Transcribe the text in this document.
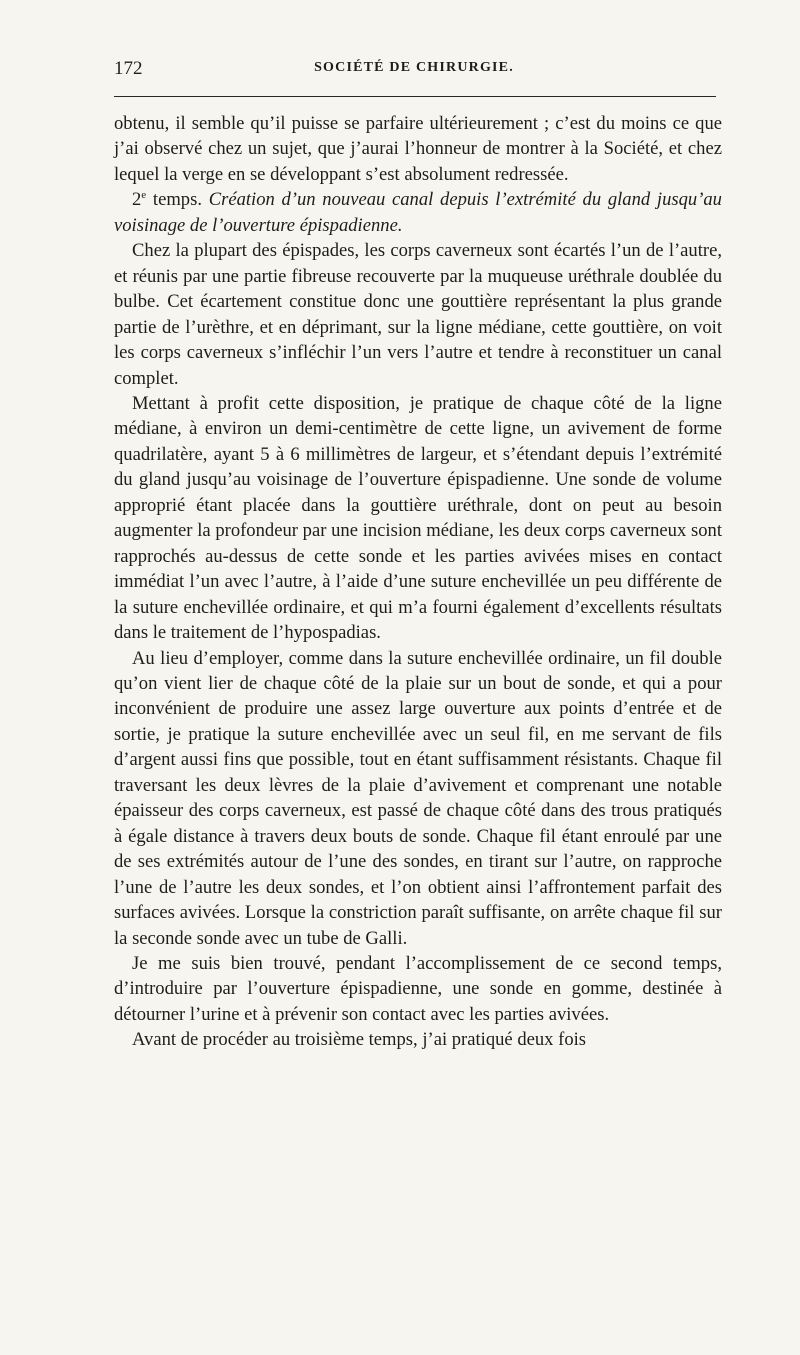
172	SOCIÉTÉ DE CHIRURGIE.

obtenu, il semble qu’il puisse se parfaire ultérieurement ; c’est du moins ce que j’ai observé chez un sujet, que j’aurai l’honneur de montrer à la Société, et chez lequel la verge en se développant s’est absolument redressée.

2e temps. Création d’un nouveau canal depuis l’extrémité du gland jusqu’au voisinage de l’ouverture épispadienne.

Chez la plupart des épispades, les corps caverneux sont écartés l’un de l’autre, et réunis par une partie fibreuse recouverte par la muqueuse uréthrale doublée du bulbe. Cet écartement constitue donc une gouttière représentant la plus grande partie de l’urèthre, et en déprimant, sur la ligne médiane, cette gouttière, on voit les corps caverneux s’infléchir l’un vers l’autre et tendre à reconstituer un canal complet.

Mettant à profit cette disposition, je pratique de chaque côté de la ligne médiane, à environ un demi-centimètre de cette ligne, un avivement de forme quadrilatère, ayant 5 à 6 millimètres de largeur, et s’étendant depuis l’extrémité du gland jusqu’au voisinage de l’ouverture épispadienne. Une sonde de volume approprié étant placée dans la gouttière uréthrale, dont on peut au besoin augmenter la profondeur par une incision médiane, les deux corps caverneux sont rapprochés au-dessus de cette sonde et les parties avivées mises en contact immédiat l’un avec l’autre, à l’aide d’une suture enchevillée un peu différente de la suture enchevillée ordinaire, et qui m’a fourni également d’excellents résultats dans le traitement de l’hypospadias.

Au lieu d’employer, comme dans la suture enchevillée ordinaire, un fil double qu’on vient lier de chaque côté de la plaie sur un bout de sonde, et qui a pour inconvénient de produire une assez large ouverture aux points d’entrée et de sortie, je pratique la suture enchevillée avec un seul fil, en me servant de fils d’argent aussi fins que possible, tout en étant suffisamment résistants. Chaque fil traversant les deux lèvres de la plaie d’avivement et comprenant une notable épaisseur des corps caverneux, est passé de chaque côté dans des trous pratiqués à égale distance à travers deux bouts de sonde. Chaque fil étant enroulé par une de ses extrémités autour de l’une des sondes, en tirant sur l’autre, on rapproche l’une de l’autre les deux sondes, et l’on obtient ainsi l’affrontement parfait des surfaces avivées. Lorsque la constriction paraît suffisante, on arrête chaque fil sur la seconde sonde avec un tube de Galli.

Je me suis bien trouvé, pendant l’accomplissement de ce second temps, d’introduire par l’ouverture épispadienne, une sonde en gomme, destinée à détourner l’urine et à prévenir son contact avec les parties avivées.

Avant de procéder au troisième temps, j’ai pratiqué deux fois
